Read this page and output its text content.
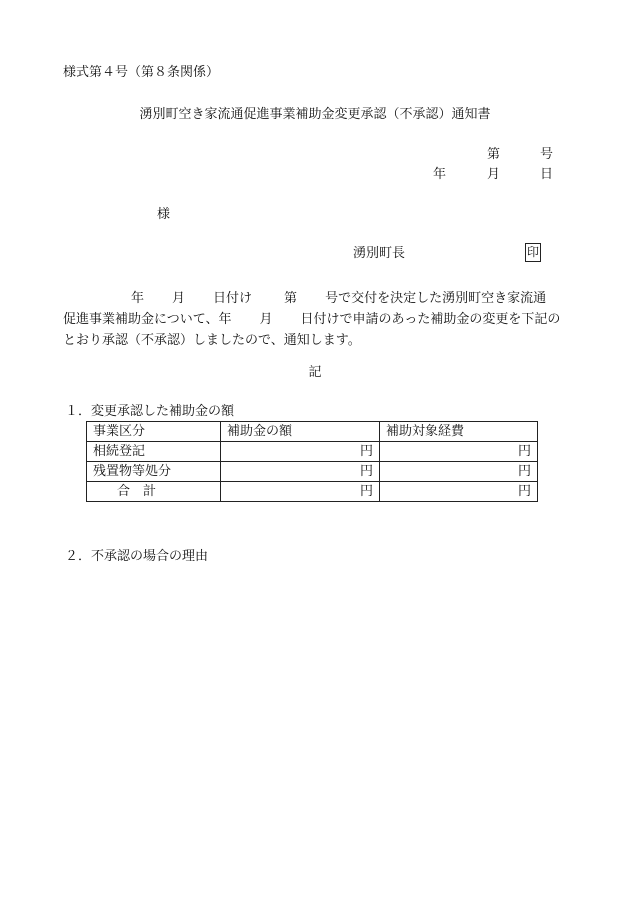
様式第４号（第８条関係）
湧別町空き家流通促進事業補助金変更承認（不承認）通知書
第	号
年	月	日
様
湧別町長	印
年 月 日付け 第 号で交付を決定した湧別町空き家流通
促進事業補助金について、年 月 日付けで申請のあった補助金の変更を下記の
とおり承認（不承認）しましたので、通知します。
記
１．変更承認した補助金の額
事業区分	補助金の額	補助対象経費
相続登記	円	円
残置物等処分	円	円
合　計	円	円
２．不承認の場合の理由
